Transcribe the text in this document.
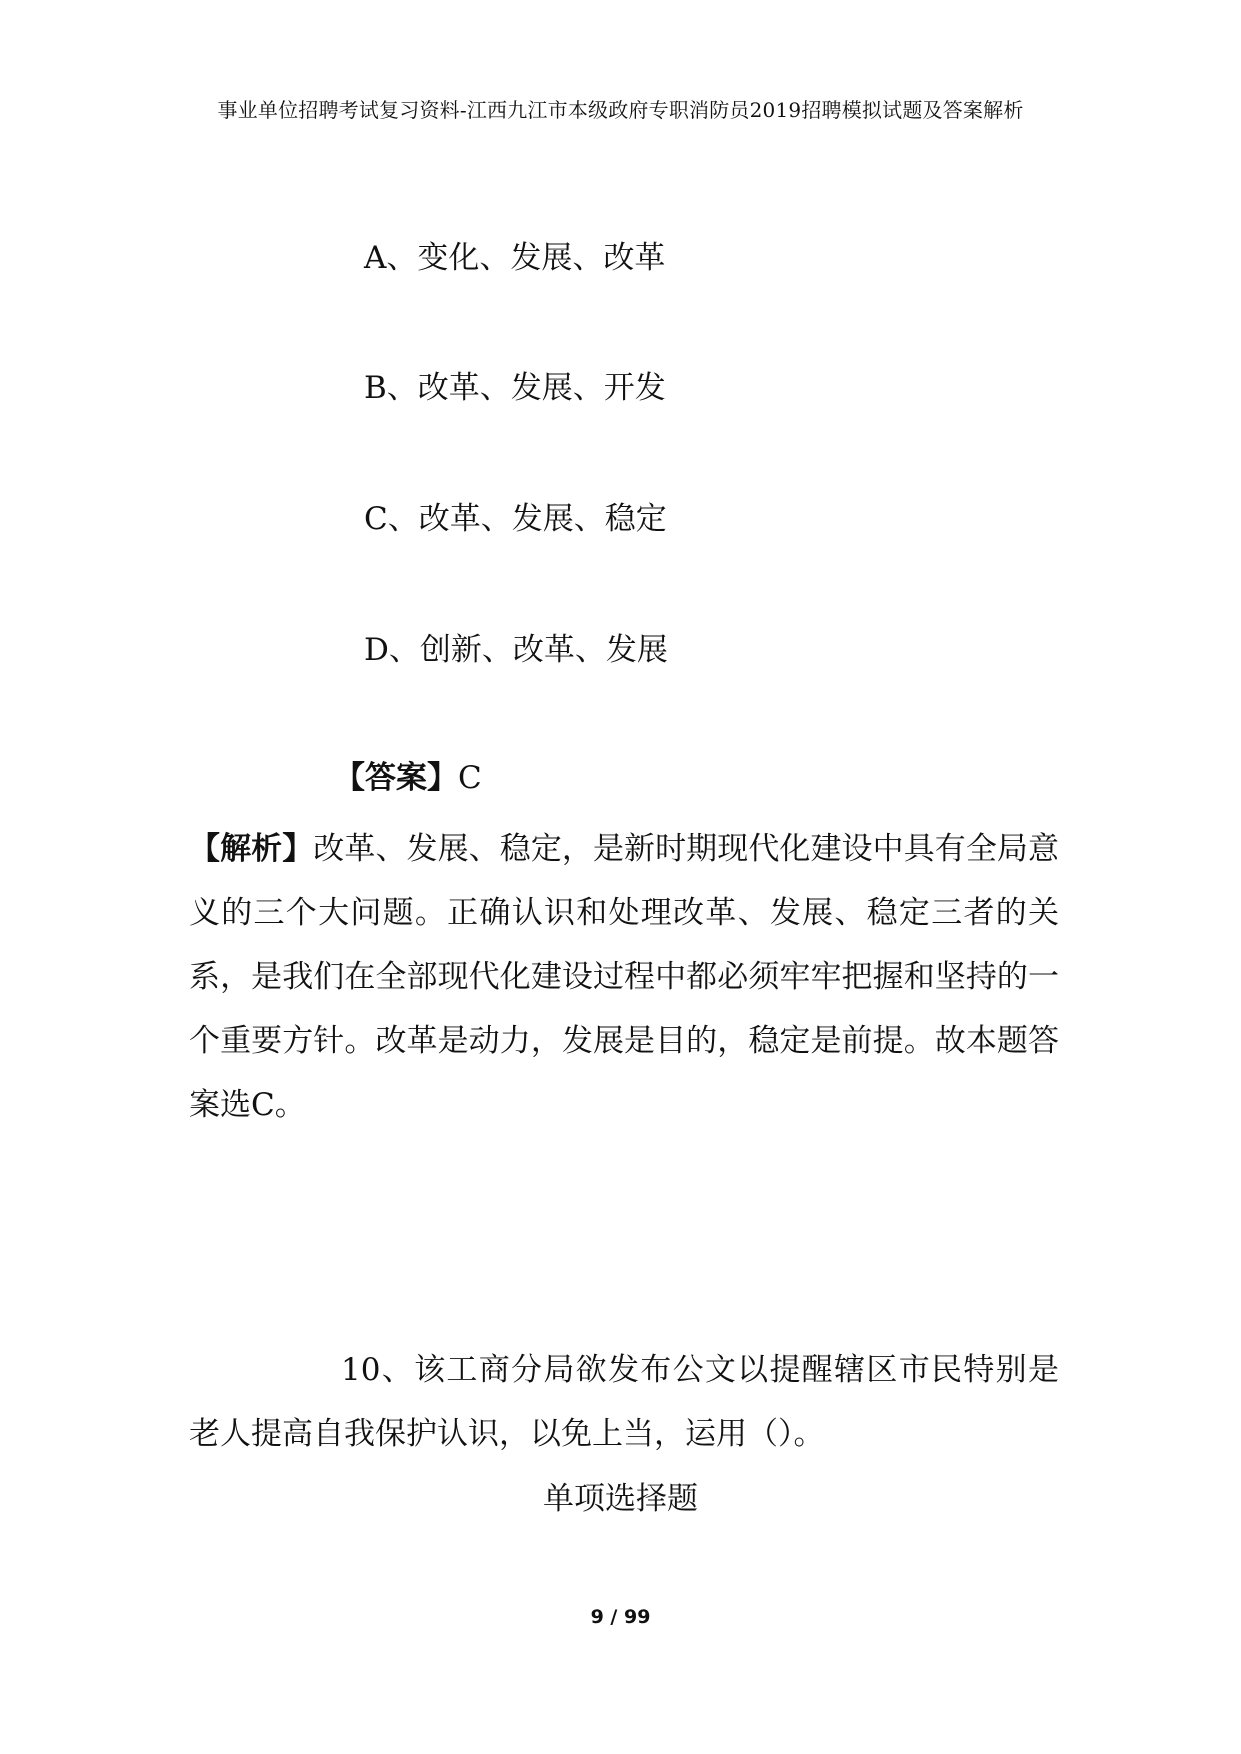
事业单位招聘考试复习资料-江西九江市本级政府专职消防员2019招聘模拟试题及答案解析
A、变化、发展、改革
B、改革、发展、开发
C、改革、发展、稳定
D、创新、改革、发展
【答案】C
【解析】改革、发展、稳定，是新时期现代化建设中具有全局意义的三个大问题。正确认识和处理改革、发展、稳定三者的关系，是我们在全部现代化建设过程中都必须牢牢把握和坚持的一个重要方针。改革是动力，发展是目的，稳定是前提。故本题答案选C。
10、该工商分局欲发布公文以提醒辖区市民特别是老人提高自我保护认识，以免上当，运用（）。
单项选择题
9 / 99
